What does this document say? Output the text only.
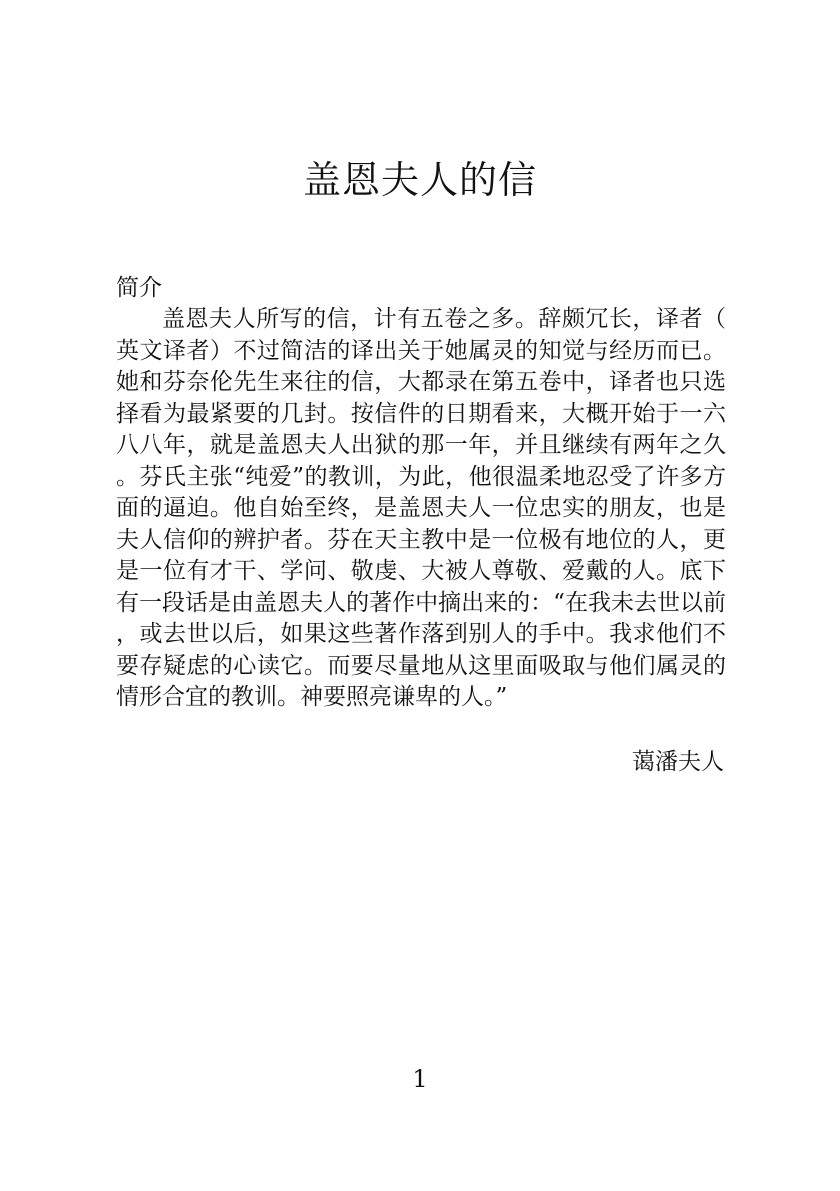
盖恩夫人的信

简介

盖恩夫人所写的信，计有五卷之多。辞颇冗长，译者（英文译者）不过简洁的译出关于她属灵的知觉与经历而已。她和芬奈伦先生来往的信，大都录在第五卷中，译者也只选择看为最紧要的几封。按信件的日期看来，大概开始于一六八八年，就是盖恩夫人出狱的那一年，并且继续有两年之久。芬氏主张“纯爱”的教训，为此，他很温柔地忍受了许多方面的逼迫。他自始至终，是盖恩夫人一位忠实的朋友，也是夫人信仰的辨护者。芬在天主教中是一位极有地位的人，更是一位有才干、学问、敬虔、大被人尊敬、爱戴的人。底下有一段话是由盖恩夫人的著作中摘出来的：“在我未去世以前，或去世以后，如果这些著作落到别人的手中。我求他们不要存疑虑的心读它。而要尽量地从这里面吸取与他们属灵的情形合宜的教训。神要照亮谦卑的人。”

蔼潘夫人

1
